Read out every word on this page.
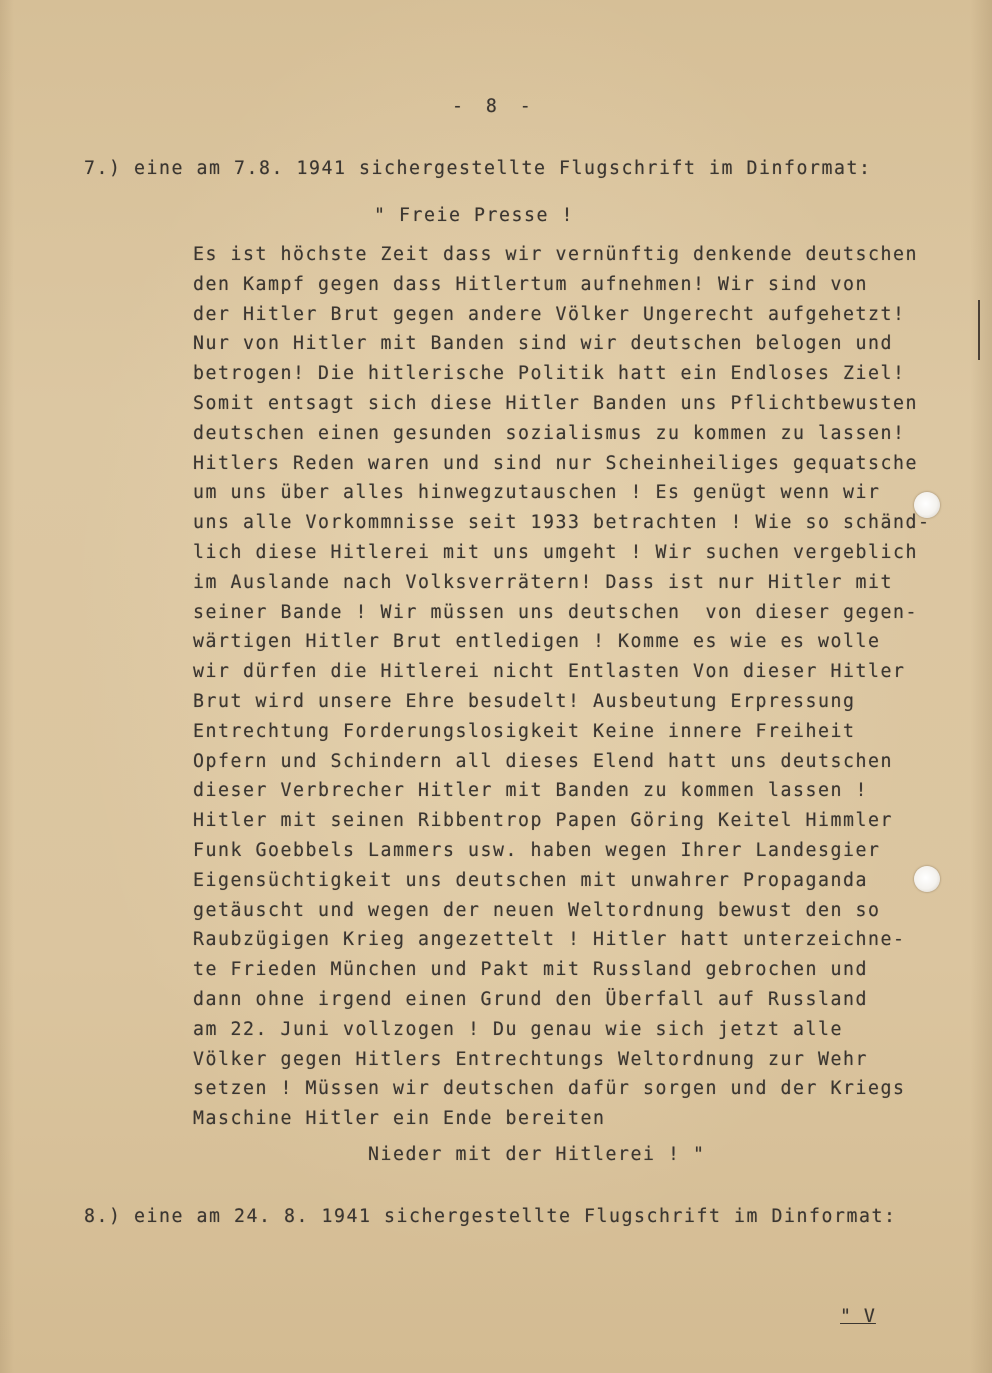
- 8 -
7.) eine am 7.8. 1941 sichergestellte Flugschrift im Dinformat:
" Freie Presse !
Es ist höchste Zeit dass wir vernünftig denkende deutschen
den Kampf gegen dass Hitlertum aufnehmen! Wir sind von
der Hitler Brut gegen andere Völker Ungerecht aufgehetzt!
Nur von Hitler mit Banden sind wir deutschen belogen und
betrogen! Die hitlerische Politik hatt ein Endloses Ziel!
Somit entsagt sich diese Hitler Banden uns Pflichtbewusten
deutschen einen gesunden sozialismus zu kommen zu lassen!
Hitlers Reden waren und sind nur Scheinheiliges gequatsche
um uns über alles hinwegzutauschen ! Es genügt wenn wir
uns alle Vorkommnisse seit 1933 betrachten ! Wie so schänd-
lich diese Hitlerei mit uns umgeht ! Wir suchen vergeblich
im Auslande nach Volksverrätern! Dass ist nur Hitler mit
seiner Bande ! Wir müssen uns deutschen  von dieser gegen-
wärtigen Hitler Brut entledigen ! Komme es wie es wolle
wir dürfen die Hitlerei nicht Entlasten Von dieser Hitler
Brut wird unsere Ehre besudelt! Ausbeutung Erpressung
Entrechtung Forderungslosigkeit Keine innere Freiheit
Opfern und Schindern all dieses Elend hatt uns deutschen
dieser Verbrecher Hitler mit Banden zu kommen lassen !
Hitler mit seinen Ribbentrop Papen Göring Keitel Himmler
Funk Goebbels Lammers usw. haben wegen Ihrer Landesgier
Eigensüchtigkeit uns deutschen mit unwahrer Propaganda
getäuscht und wegen der neuen Weltordnung bewust den so
Raubzügigen Krieg angezettelt ! Hitler hatt unterzeichne-
te Frieden München und Pakt mit Russland gebrochen und
dann ohne irgend einen Grund den Überfall auf Russland
am 22. Juni vollzogen ! Du genau wie sich jetzt alle
Völker gegen Hitlers Entrechtungs Weltordnung zur Wehr
setzen ! Müssen wir deutschen dafür sorgen und der Kriegs
Maschine Hitler ein Ende bereiten
Nieder mit der Hitlerei ! "
8.) eine am 24. 8. 1941 sichergestellte Flugschrift im Dinformat:
" V
